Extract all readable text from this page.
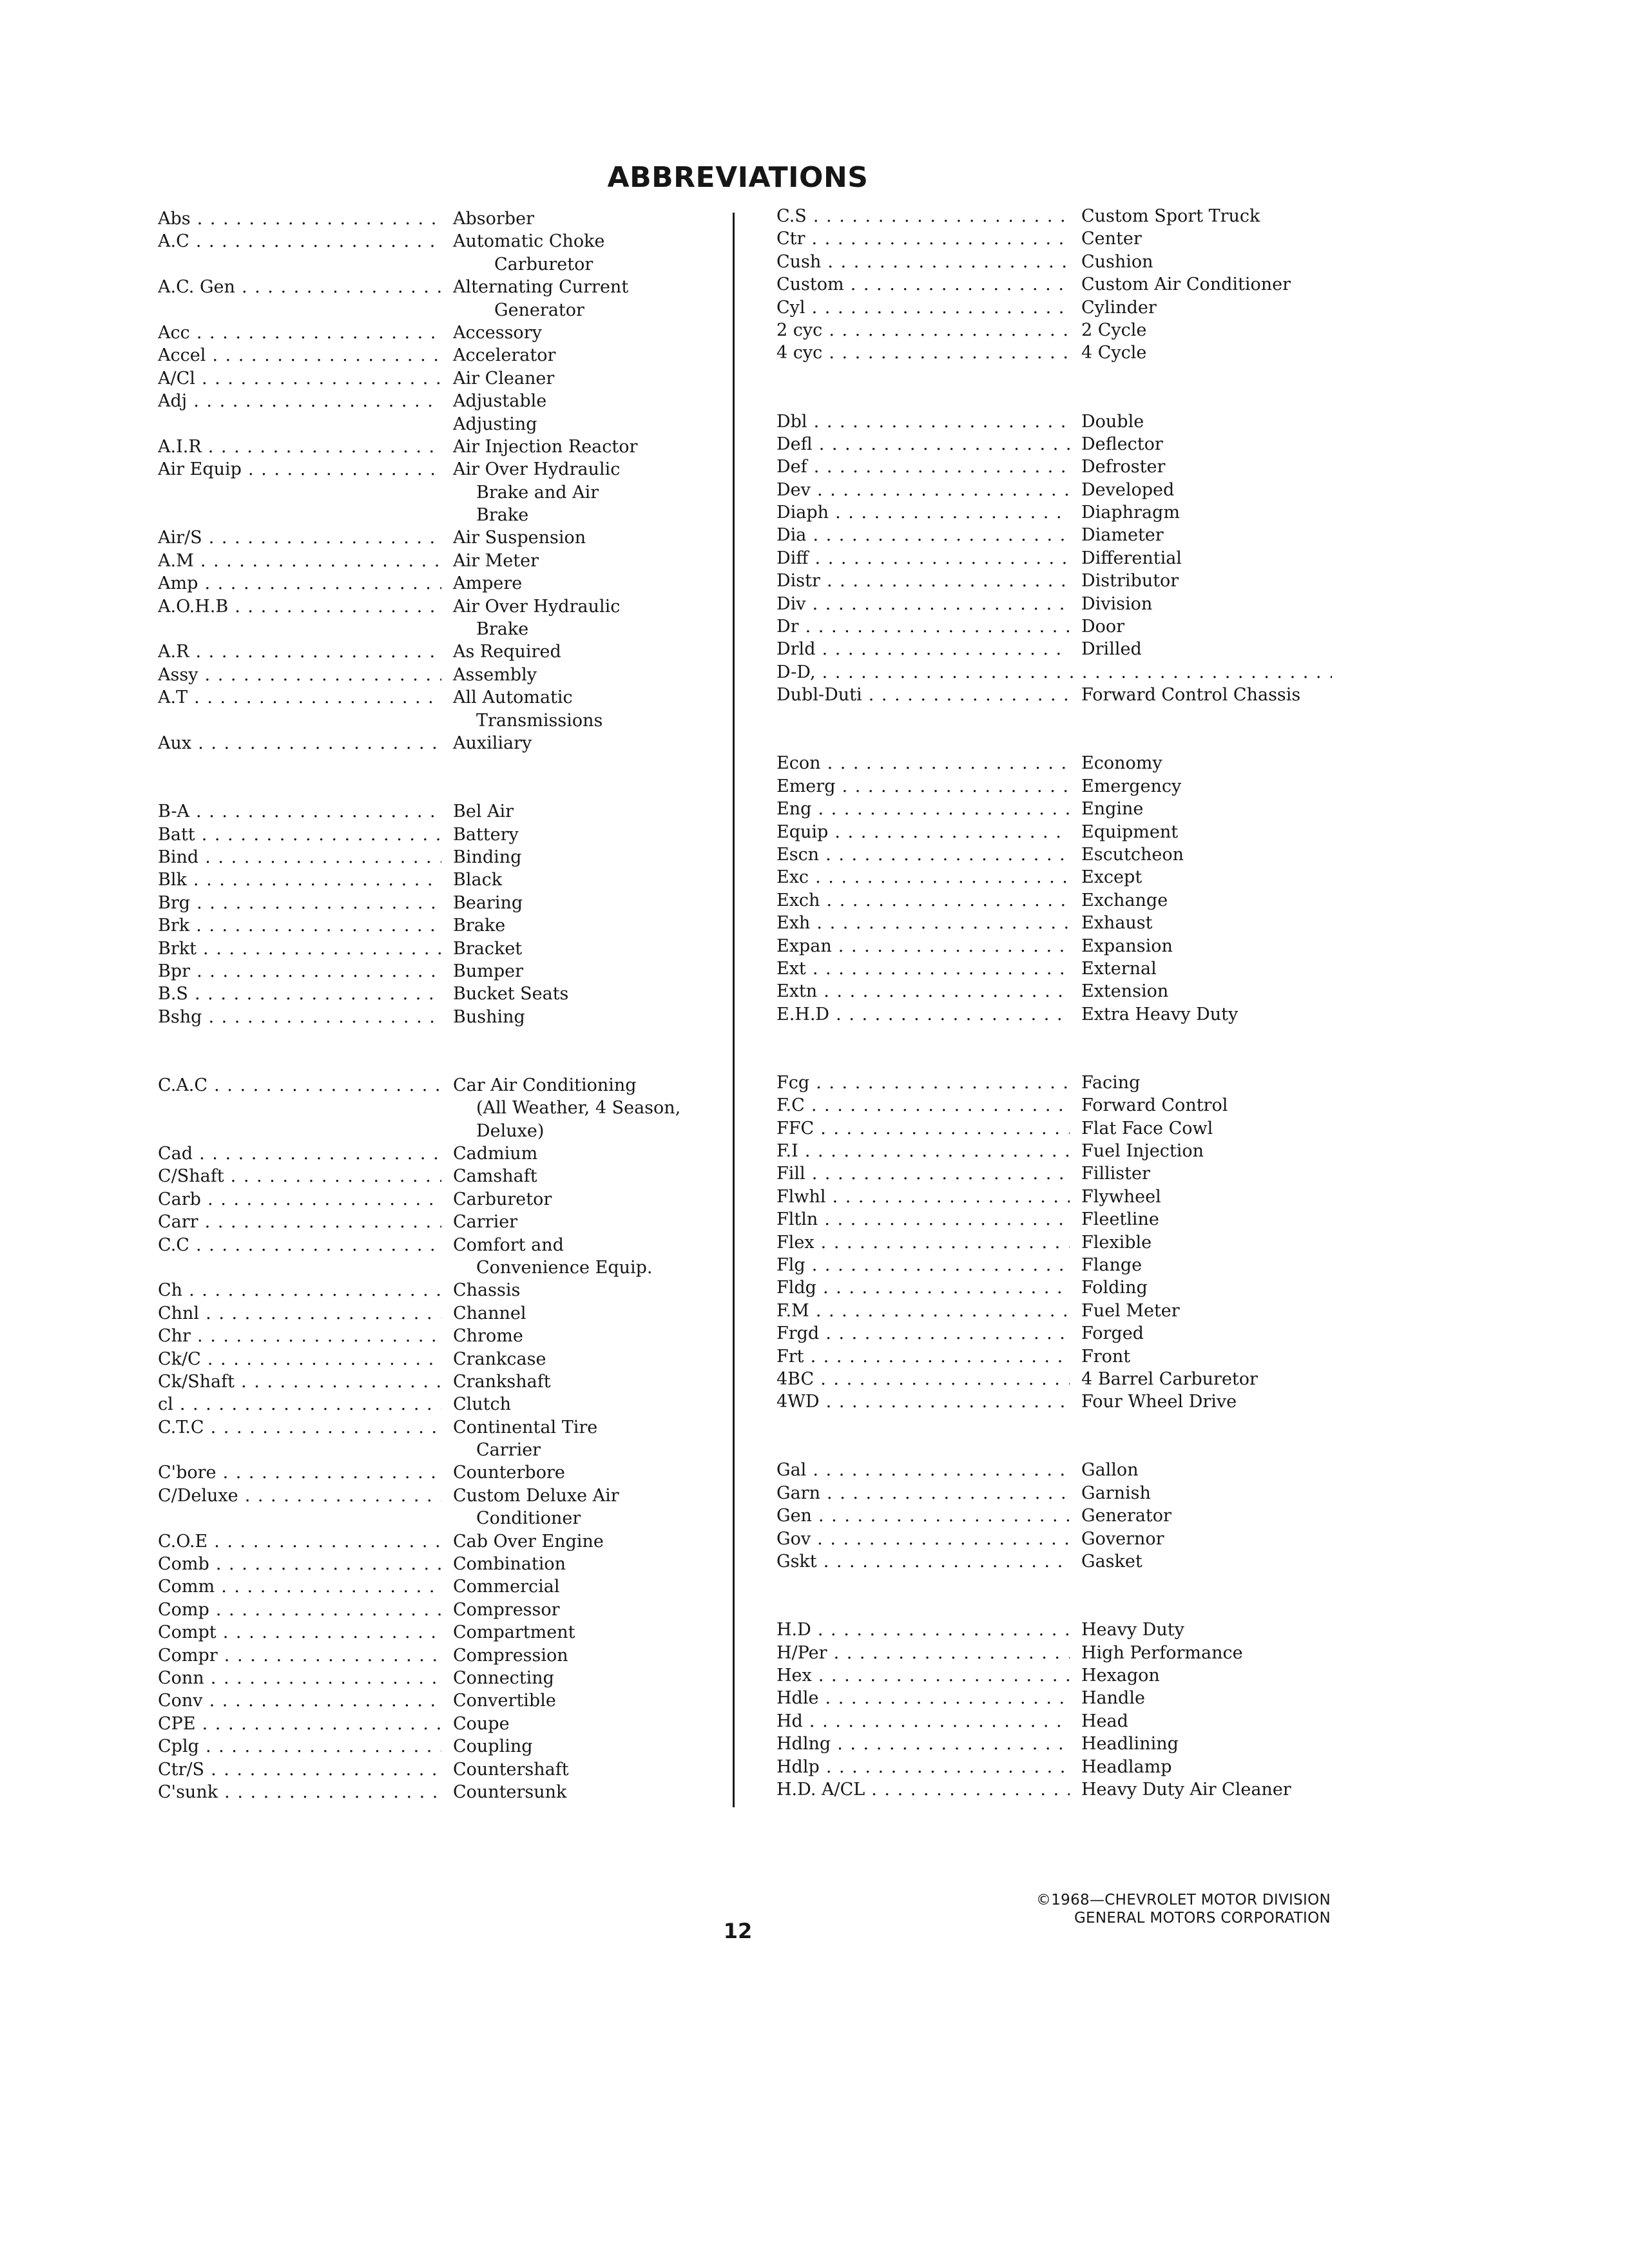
ABBREVIATIONS
Abs . . .	Absorber
A.C . . .	Automatic Choke
Carburetor
A.C. Gen . . .	Alternating Current
Generator
Acc . . .	Accessory
Accel . . .	Accelerator
A/Cl . . .	Air Cleaner
Adj . . .	Adjustable
Adjusting
A.I.R . . .	Air Injection Reactor
Air Equip . . .	Air Over Hydraulic
Brake and Air
Brake
Air/S . . .	Air Suspension
A.M . . .	Air Meter
Amp . . .	Ampere
A.O.H.B . . .	Air Over Hydraulic
Brake
A.R . . .	As Required
Assy . . .	Assembly
A.T . . .	All Automatic
Transmissions
Aux . . .	Auxiliary
B-A . . .	Bel Air
Batt . . .	Battery
Bind . . .	Binding
Blk . . .	Black
Brg . . .	Bearing
Brk . . .	Brake
Brkt . . .	Bracket
Bpr . . .	Bumper
B.S . . .	Bucket Seats
Bshg . . .	Bushing
C.A.C . . .	Car Air Conditioning
(All Weather, 4 Season,
Deluxe)
Cad . . .	Cadmium
C/Shaft . . .	Camshaft
Carb . . .	Carburetor
Carr . . .	Carrier
C.C . . .	Comfort and
Convenience Equip.
Ch . . .	Chassis
Chnl . . .	Channel
Chr . . .	Chrome
Ck/C . . .	Crankcase
Ck/Shaft . . .	Crankshaft
cl . . .	Clutch
C.T.C . . .	Continental Tire
Carrier
C'bore . . .	Counterbore
C/Deluxe . . .	Custom Deluxe Air
Conditioner
C.O.E . . .	Cab Over Engine
Comb . . .	Combination
Comm . . .	Commercial
Comp . . .	Compressor
Compt . . .	Compartment
Compr . . .	Compression
Conn . . .	Connecting
Conv . . .	Convertible
CPE . . .	Coupe
Cplg . . .	Coupling
Ctr/S . . .	Countershaft
C'sunk . . .	Countersunk
C.S . . .	Custom Sport Truck
Ctr . . .	Center
Cush . . .	Cushion
Custom . . .	Custom Air Conditioner
Cyl . . .	Cylinder
2 cyc . . .	2 Cycle
4 cyc . . .	4 Cycle
Dbl . . .	Double
Defl . . .	Deflector
Def . . .	Defroster
Dev . . .	Developed
Diaph . . .	Diaphragm
Dia . . .	Diameter
Diff . . .	Differential
Distr . . .	Distributor
Div . . .	Division
Dr . . .	Door
Drld . . .	Drilled
D-D, . . .
Dubl-Duti . . .	Forward Control Chassis
Econ . . .	Economy
Emerg . . .	Emergency
Eng . . .	Engine
Equip . . .	Equipment
Escn . . .	Escutcheon
Exc . . .	Except
Exch . . .	Exchange
Exh . . .	Exhaust
Expan . . .	Expansion
Ext . . .	External
Extn . . .	Extension
E.H.D . . .	Extra Heavy Duty
Fcg . . .	Facing
F.C . . .	Forward Control
FFC . . .	Flat Face Cowl
F.I . . .	Fuel Injection
Fill . . .	Fillister
Flwhl . . .	Flywheel
Fltln . . .	Fleetline
Flex . . .	Flexible
Flg . . .	Flange
Fldg . . .	Folding
F.M . . .	Fuel Meter
Frgd . . .	Forged
Frt . . .	Front
4BC . . .	4 Barrel Carburetor
4WD . . .	Four Wheel Drive
Gal . . .	Gallon
Garn . . .	Garnish
Gen . . .	Generator
Gov . . .	Governor
Gskt . . .	Gasket
H.D . . .	Heavy Duty
H/Per . . .	High Performance
Hex . . .	Hexagon
Hdle . . .	Handle
Hd . . .	Head
Hdlng . . .	Headlining
Hdlp . . .	Headlamp
H.D. A/CL . . .	Heavy Duty Air Cleaner
©1968—CHEVROLET MOTOR DIVISION
GENERAL MOTORS CORPORATION
12
